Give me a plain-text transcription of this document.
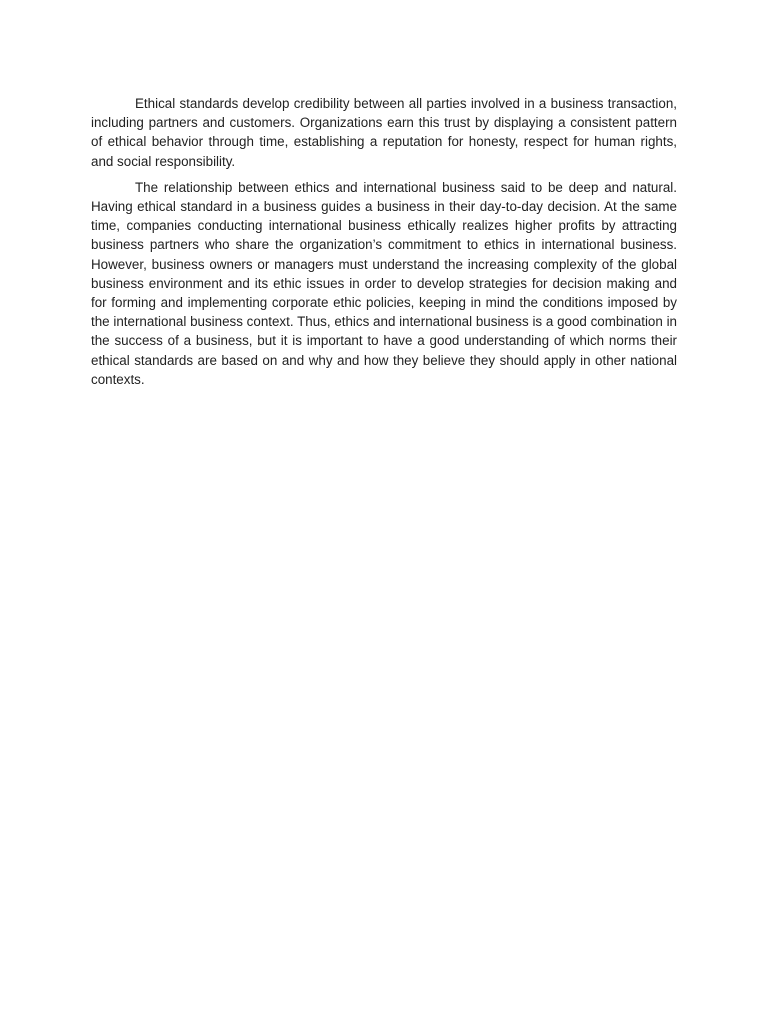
Ethical standards develop credibility between all parties involved in a business transaction, including partners and customers. Organizations earn this trust by displaying a consistent pattern of ethical behavior through time, establishing a reputation for honesty, respect for human rights, and social responsibility.

The relationship between ethics and international business said to be deep and natural. Having ethical standard in a business guides a business in their day-to-day decision. At the same time, companies conducting international business ethically realizes higher profits by attracting business partners who share the organization’s commitment to ethics in international business. However, business owners or managers must understand the increasing complexity of the global business environment and its ethic issues in order to develop strategies for decision making and for forming and implementing corporate ethic policies, keeping in mind the conditions imposed by the international business context. Thus, ethics and international business is a good combination in the success of a business, but it is important to have a good understanding of which norms their ethical standards are based on and why and how they believe they should apply in other national contexts.
